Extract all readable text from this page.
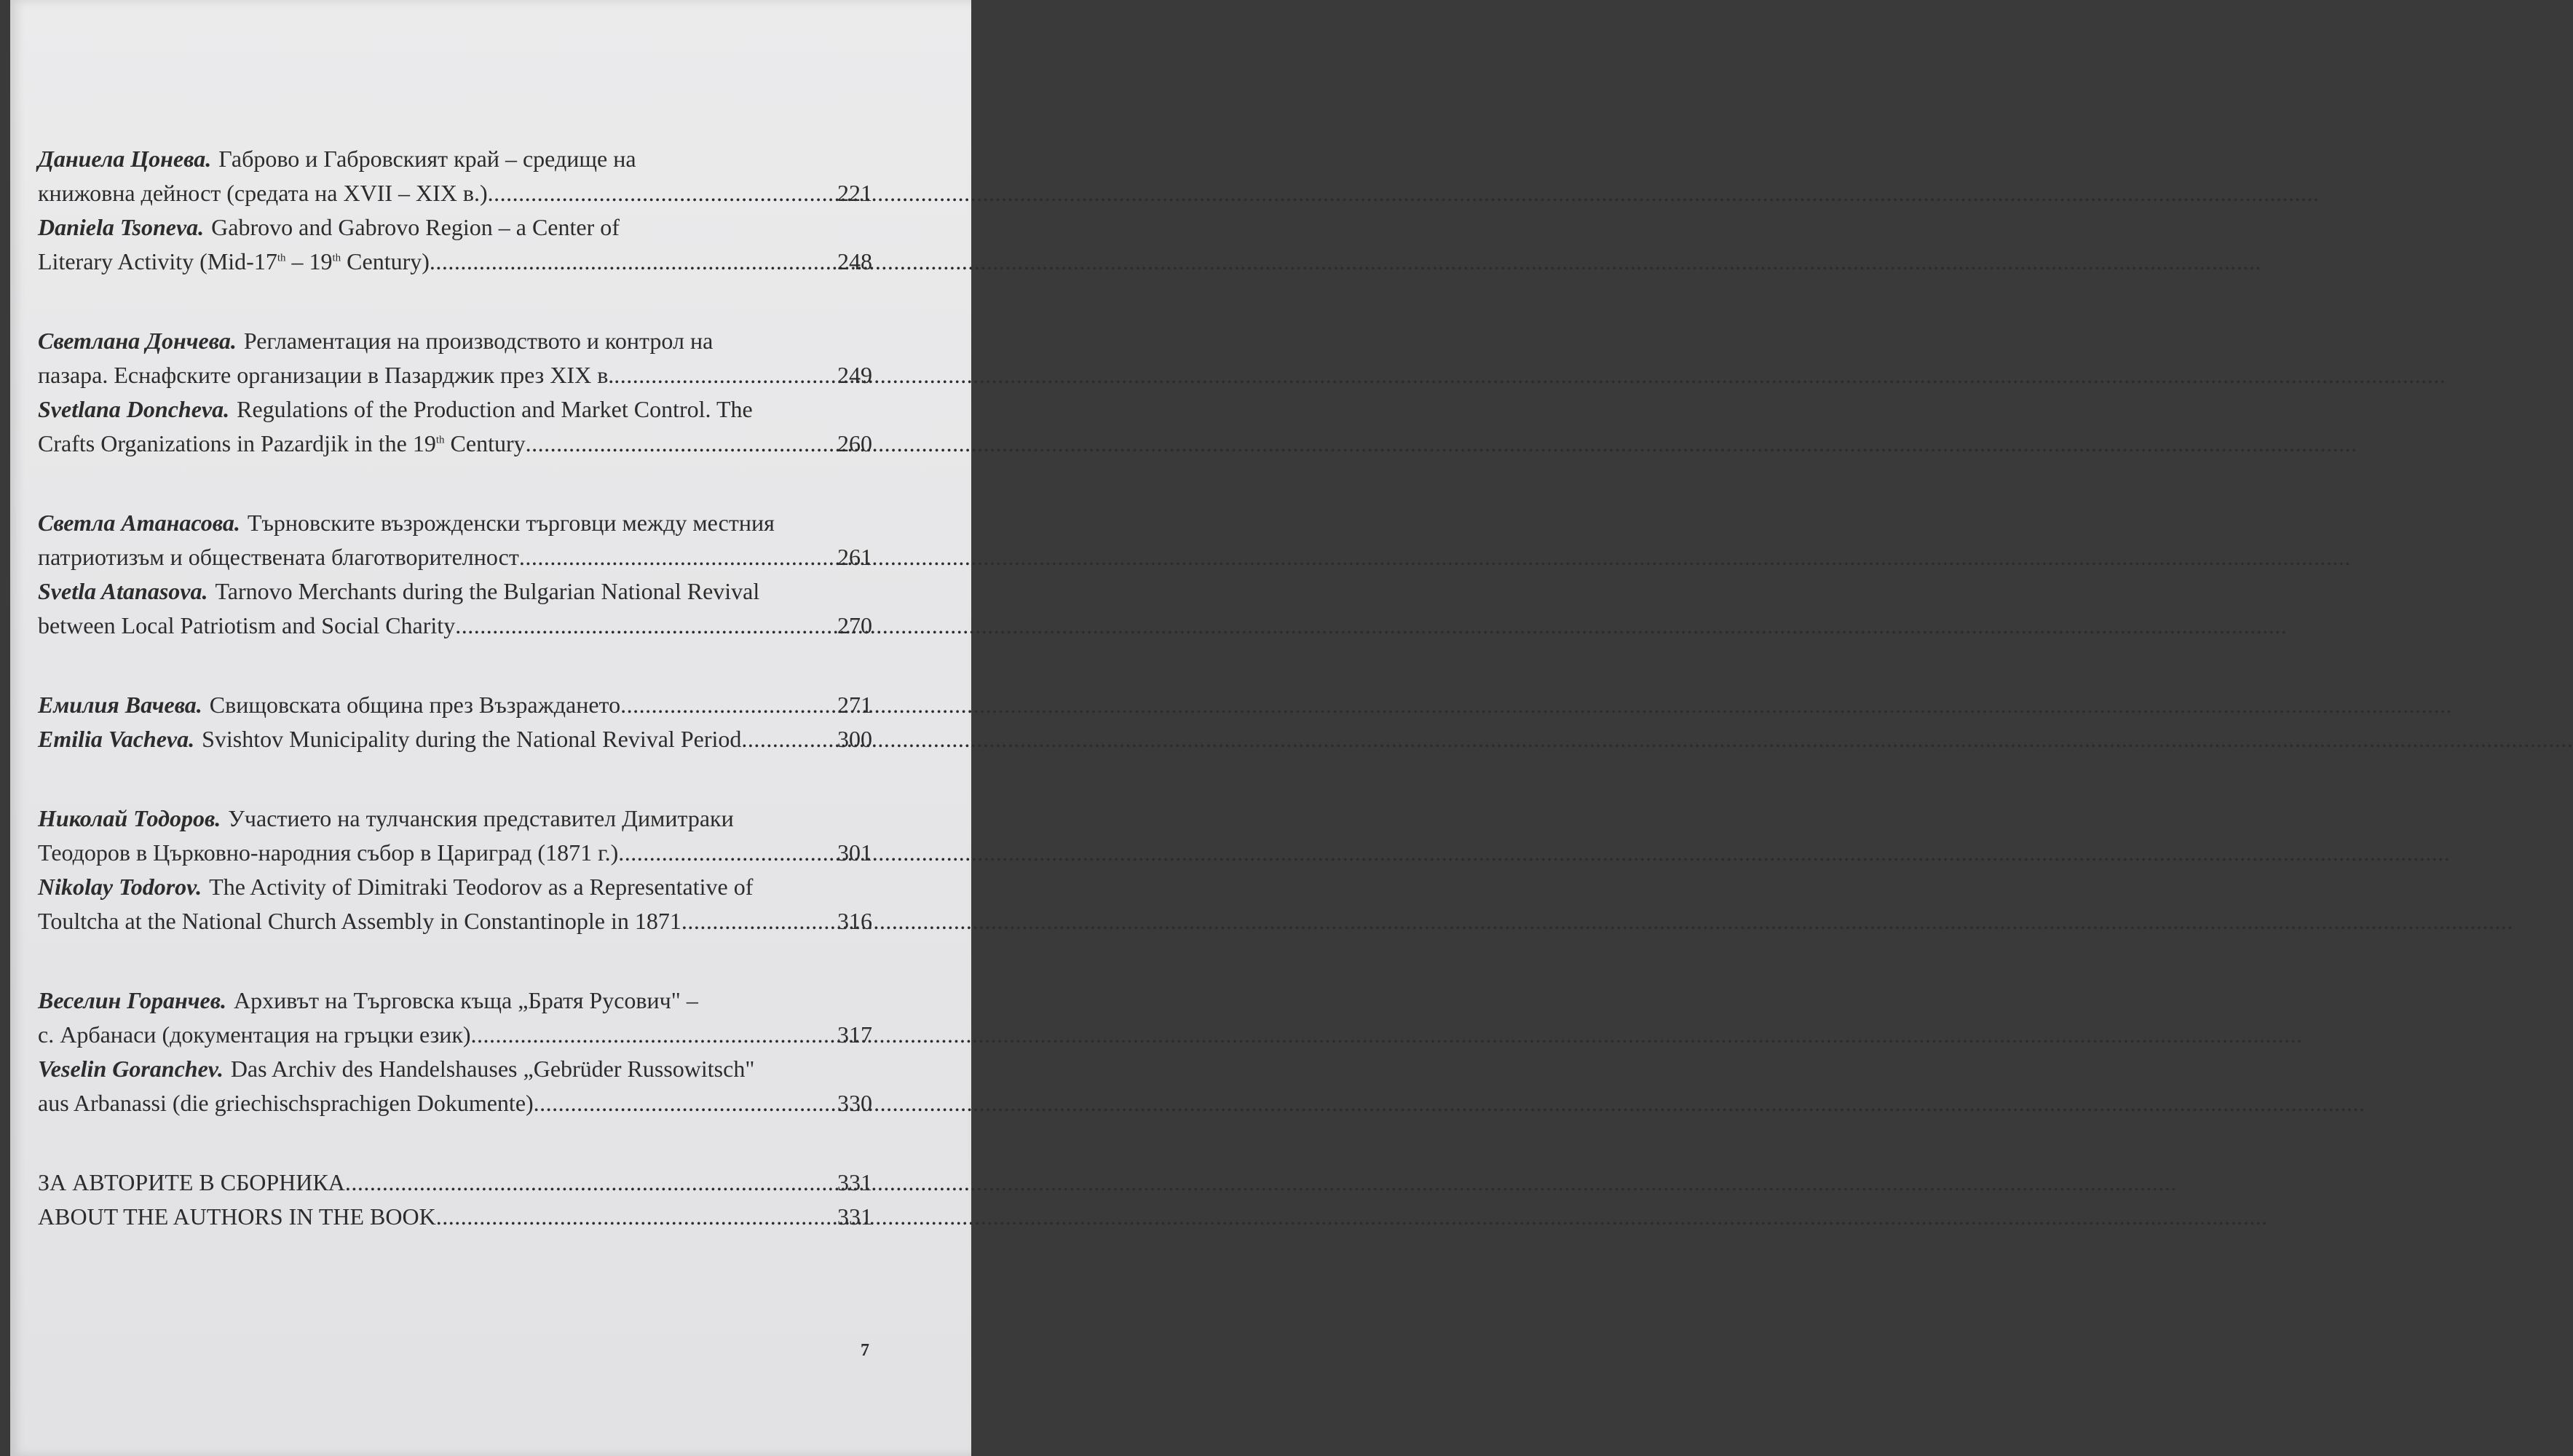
Даниела Цонева. Габрово и Габровският край – средище на
книжовна дейност (средата на XVII – XIX в.) .....	221
Daniela Tsoneva. Gabrovo and Gabrovo Region – a Center of
Literary Activity (Mid-17th – 19th Century) .....	248
Светлана Дончева. Регламентация на производството и контрол на
пазара. Еснафските организации в Пазарджик през XIX в. .....	249
Svetlana Doncheva. Regulations of the Production and Market Control. The
Crafts Organizations in Pazardjik in the 19th Century .....	260
Светла Атанасова. Търновските възрожденски търговци между местния
патриотизъм и обществената благотворителност .....	261
Svetla Atanasova. Tarnovo Merchants during the Bulgarian National Revival
between Local Patriotism and Social Charity .....	270
Емилия Вачева. Свищовската община през Възраждането .....	271
Emilia Vacheva. Svishtov Municipality during the National Revival Period .....	300
Николай Тодоров. Участието на тулчанския представител Димитраки
Теодоров в Църковно-народния събор в Цариград (1871 г.) .....	301
Nikolay Todorov. The Activity of Dimitraki Teodorov as a Representative of
Toultcha at the National Church Assembly in Constantinople in 1871 .....	316
Веселин Горанчев. Архивът на Търговска къща „Братя Русович" –
с. Арбанаси (документация на гръцки език) .....	317
Veselin Goranchev. Das Archiv des Handelshauses „Gebrüder Russowitsch"
aus Arbanassi (die griechischsprachigen Dokumente) .....	330
ЗА АВТОРИТЕ В СБОРНИКА .....	331
ABOUT THE AUTHORS IN THE BOOK .....	331
7
